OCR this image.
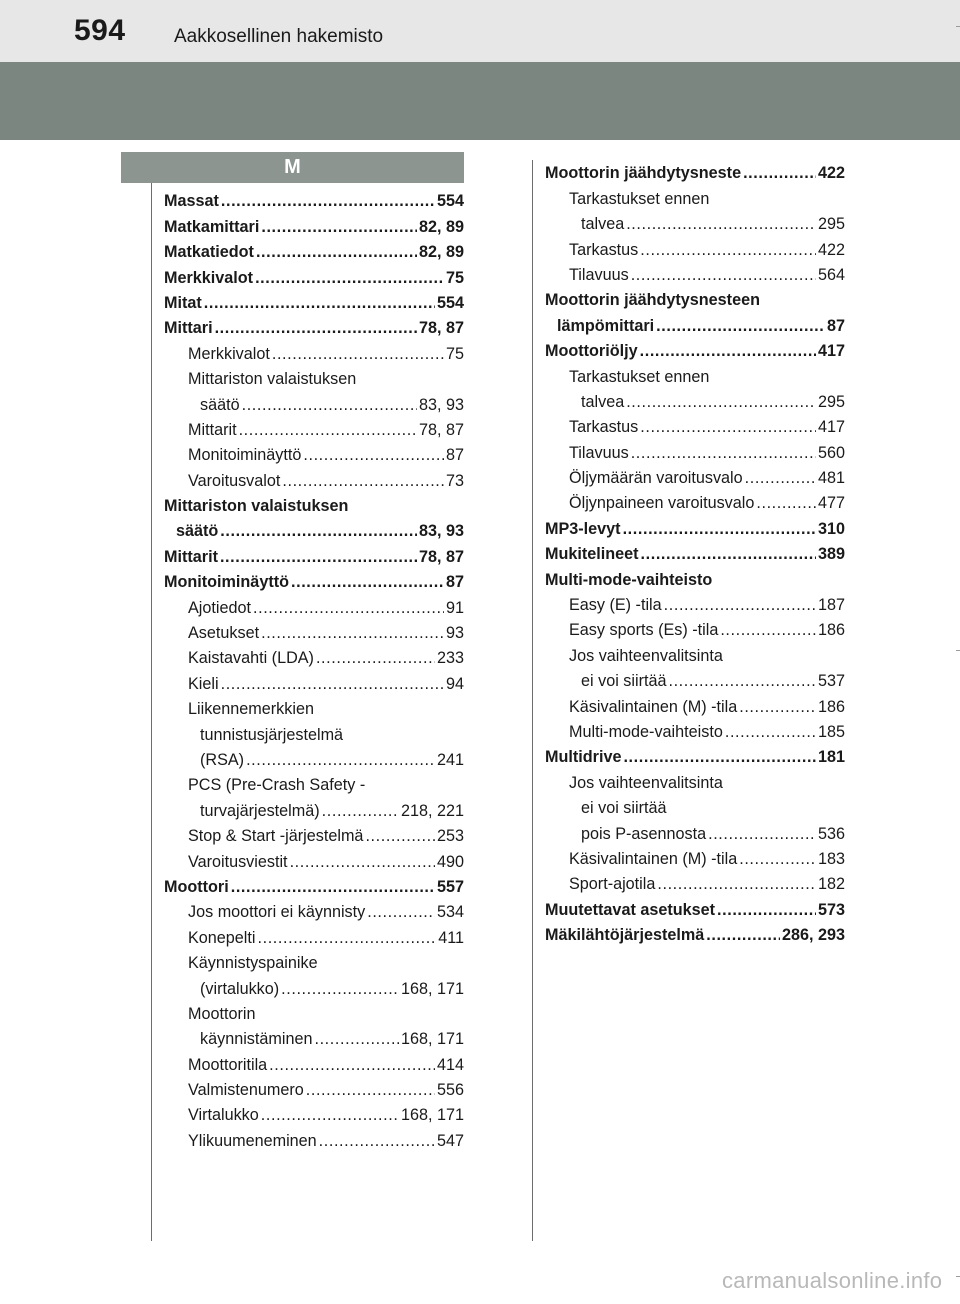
594	Aakkosellinen hakemisto
M
Massat .....	554
Matkamittari .....	82, 89
Matkatiedot .....	82, 89
Merkkivalot .....	75
Mitat .....	554
Mittari .....	78, 87
Merkkivalot .....	75
Mittariston valaistuksen
säätö .....	83, 93
Mittarit .....	78, 87
Monitoiminäyttö .....	87
Varoitusvalot .....	73
Mittariston valaistuksen
säätö .....	83, 93
Mittarit .....	78, 87
Monitoiminäyttö .....	87
Ajotiedot .....	91
Asetukset .....	93
Kaistavahti (LDA) .....	233
Kieli .....	94
Liikennemerkkien
tunnistusjärjestelmä
(RSA) .....	241
PCS (Pre-Crash Safety -
turvajärjestelmä) .....	218, 221
Stop & Start -järjestelmä .....	253
Varoitusviestit .....	490
Moottori .....	557
Jos moottori ei käynnisty .....	534
Konepelti .....	411
Käynnistyspainike
(virtalukko) .....	168, 171
Moottorin
käynnistäminen .....	168, 171
Moottoritila .....	414
Valmistenumero .....	556
Virtalukko .....	168, 171
Ylikuumeneminen .....	547
Moottorin jäähdytysneste .....	422
Tarkastukset ennen
talvea .....	295
Tarkastus .....	422
Tilavuus .....	564
Moottorin jäähdytysnesteen
lämpömittari .....	87
Moottoriöljy .....	417
Tarkastukset ennen
talvea .....	295
Tarkastus .....	417
Tilavuus .....	560
Öljymäärän varoitusvalo .....	481
Öljynpaineen varoitusvalo .....	477
MP3-levyt .....	310
Mukitelineet .....	389
Multi-mode-vaihteisto
Easy (E) -tila .....	187
Easy sports (Es) -tila .....	186
Jos vaihteenvalitsinta
ei voi siirtää .....	537
Käsivalintainen (M) -tila .....	186
Multi-mode-vaihteisto .....	185
Multidrive .....	181
Jos vaihteenvalitsinta
ei voi siirtää
pois P-asennosta .....	536
Käsivalintainen (M) -tila .....	183
Sport-ajotila .....	182
Muutettavat asetukset .....	573
Mäkilähtöjärjestelmä .....	286, 293
carmanualsonline.info
